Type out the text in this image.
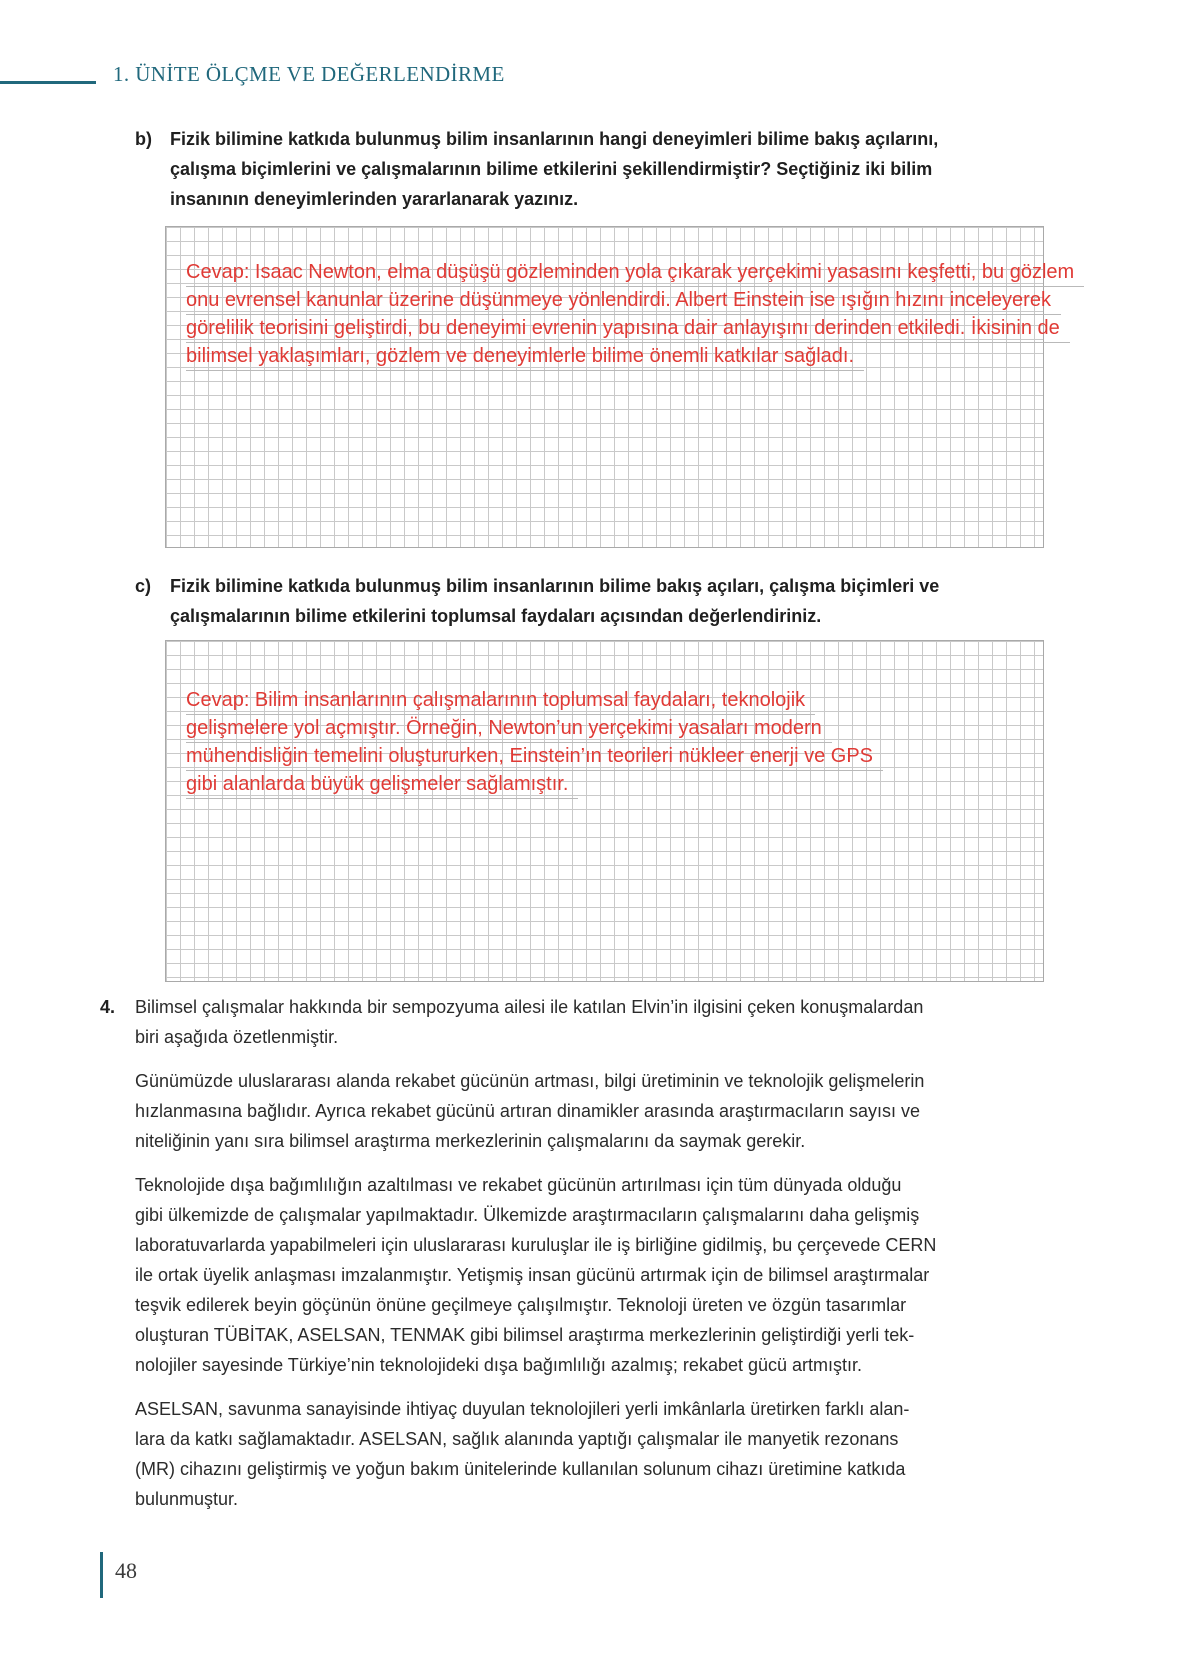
1. ÜNİTE ÖLÇME VE DEĞERLENDİRME
b) Fizik bilimine katkıda bulunmuş bilim insanlarının hangi deneyimleri bilime bakış açılarını,
çalışma biçimlerini ve çalışmalarının bilime etkilerini şekillendirmiştir? Seçtiğiniz iki bilim
insanının deneyimlerinden yararlanarak yazınız.
Cevap: Isaac Newton, elma düşüşü gözleminden yola çıkarak yerçekimi yasasını keşfetti, bu gözlem
onu evrensel kanunlar üzerine düşünmeye yönlendirdi. Albert Einstein ise ışığın hızını inceleyerek
görelilik teorisini geliştirdi, bu deneyimi evrenin yapısına dair anlayışını derinden etkiledi. İkisinin de
bilimsel yaklaşımları, gözlem ve deneyimlerle bilime önemli katkılar sağladı.
c) Fizik bilimine katkıda bulunmuş bilim insanlarının bilime bakış açıları, çalışma biçimleri ve
çalışmalarının bilime etkilerini toplumsal faydaları açısından değerlendiriniz.
Cevap: Bilim insanlarının çalışmalarının toplumsal faydaları, teknolojik
gelişmelere yol açmıştır. Örneğin, Newton’un yerçekimi yasaları modern
mühendisliğin temelini oluştururken, Einstein’ın teorileri nükleer enerji ve GPS
gibi alanlarda büyük gelişmeler sağlamıştır.
4. Bilimsel çalışmalar hakkında bir sempozyuma ailesi ile katılan Elvin’in ilgisini çeken konuşmalardan
biri aşağıda özetlenmiştir.
Günümüzde uluslararası alanda rekabet gücünün artması, bilgi üretiminin ve teknolojik gelişmelerin
hızlanmasına bağlıdır. Ayrıca rekabet gücünü artıran dinamikler arasında araştırmacıların sayısı ve
niteliğinin yanı sıra bilimsel araştırma merkezlerinin çalışmalarını da saymak gerekir.
Teknolojide dışa bağımlılığın azaltılması ve rekabet gücünün artırılması için tüm dünyada olduğu
gibi ülkemizde de çalışmalar yapılmaktadır. Ülkemizde araştırmacıların çalışmalarını daha gelişmiş
laboratuvarlarda yapabilmeleri için uluslararası kuruluşlar ile iş birliğine gidilmiş, bu çerçevede CERN
ile ortak üyelik anlaşması imzalanmıştır. Yetişmiş insan gücünü artırmak için de bilimsel araştırmalar
teşvik edilerek beyin göçünün önüne geçilmeye çalışılmıştır. Teknoloji üreten ve özgün tasarımlar
oluşturan TÜBİTAK, ASELSAN, TENMAK gibi bilimsel araştırma merkezlerinin geliştirdiği yerli tek-
nolojiler sayesinde Türkiye’nin teknolojideki dışa bağımlılığı azalmış; rekabet gücü artmıştır.
ASELSAN, savunma sanayisinde ihtiyaç duyulan teknolojileri yerli imkânlarla üretirken farklı alan-
lara da katkı sağlamaktadır. ASELSAN, sağlık alanında yaptığı çalışmalar ile manyetik rezonans
(MR) cihazını geliştirmiş ve yoğun bakım ünitelerinde kullanılan solunum cihazı üretimine katkıda
bulunmuştur.
48
